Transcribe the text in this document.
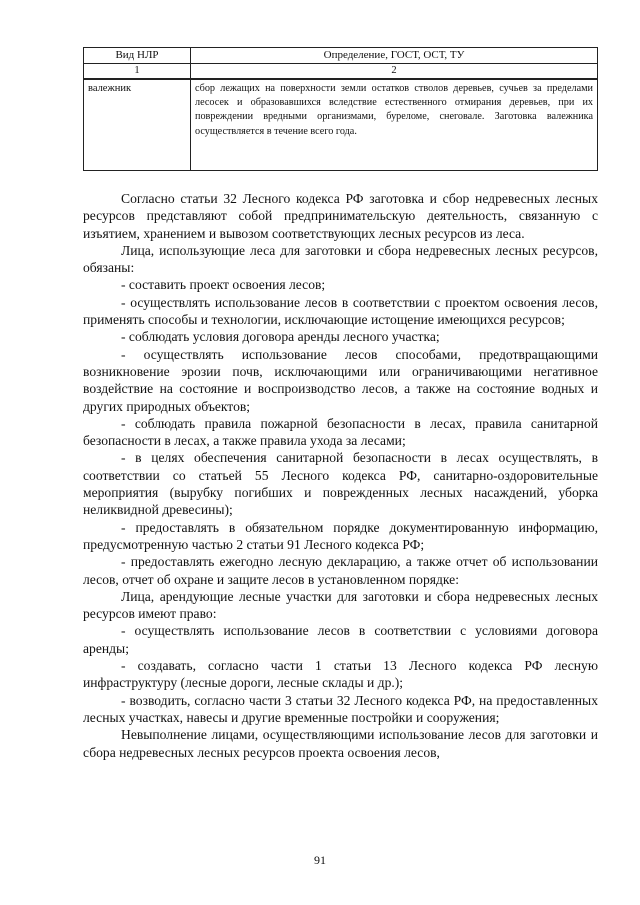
Вид НЛР	Определение, ГОСТ, ОСТ, ТУ
1	2
валежник	сбор лежащих на поверхности земли остатков стволов деревьев, сучьев за пределами лесосек и образовавшихся вследствие естественного отмирания деревьев, при их повреждении вредными организмами, буреломе, снеговале. Заготовка валежника осуществляется в течение всего года.

Согласно статьи 32 Лесного кодекса РФ заготовка и сбор недревесных лесных ресурсов представляют собой предпринимательскую деятельность, связанную с изъятием, хранением и вывозом соответствующих лесных ресурсов из леса.

Лица, использующие леса для заготовки и сбора недревесных лесных ресурсов, обязаны:

- составить проект освоения лесов;

- осуществлять использование лесов в соответствии с проектом освоения лесов, применять способы и технологии, исключающие истощение имеющихся ресурсов;

- соблюдать условия договора аренды лесного участка;

- осуществлять использование лесов способами, предотвращающими возникновение эрозии почв, исключающими или ограничивающими негативное воздействие на состояние и воспроизводство лесов, а также на состояние водных и других природных объектов;

- соблюдать правила пожарной безопасности в лесах, правила санитарной безопасности в лесах, а также правила ухода за лесами;

- в целях обеспечения санитарной безопасности в лесах осуществлять, в соответствии со статьей 55 Лесного кодекса РФ, санитарно-оздоровительные мероприятия (вырубку погибших и поврежденных лесных насаждений, уборка неликвидной древесины);

- предоставлять в обязательном порядке документированную информацию, предусмотренную частью 2 статьи 91 Лесного кодекса РФ;

- предоставлять ежегодно лесную декларацию, а также отчет об использовании лесов, отчет об охране и защите лесов в установленном порядке:

Лица, арендующие лесные участки для заготовки и сбора недревесных лесных ресурсов имеют право:

- осуществлять использование лесов в соответствии с условиями договора аренды;

- создавать, согласно части 1 статьи 13 Лесного кодекса РФ лесную инфраструктуру (лесные дороги, лесные склады и др.);

- возводить, согласно части 3 статьи 32 Лесного кодекса РФ, на предоставленных лесных участках, навесы и другие временные постройки и сооружения;

Невыполнение лицами, осуществляющими использование лесов для заготовки и сбора недревесных лесных ресурсов проекта освоения лесов,

91
